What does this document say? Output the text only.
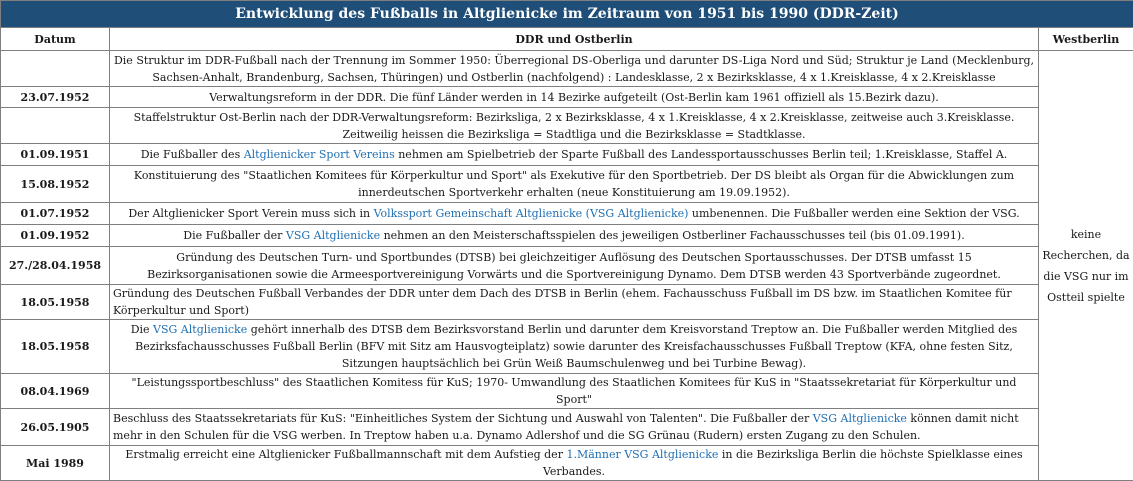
Entwicklung des Fußballs in Altglienicke im Zeitraum von 1951 bis 1990 (DDR-Zeit)		
Datum	DDR und Ostberlin	Westberlin
	Die Struktur im DDR-Fußball nach der Trennung im Sommer 1950: Überregional DS-Oberliga und darunter DS-Liga Nord und Süd; Struktur je Land (Mecklenburg, Sachsen-Anhalt, Brandenburg, Sachsen, Thüringen) und Ostberlin (nachfolgend) : Landesklasse, 2 x Bezirksklasse, 4 x 1.Kreisklasse, 4 x 2.Kreisklasse	keine Recherchen, da die VSG nur im Ostteil spielte
23.07.1952	Verwaltungsreform in der DDR. Die fünf Länder werden in 14 Bezirke aufgeteilt (Ost-Berlin kam 1961 offiziell als 15.Bezirk dazu).	
	Staffelstruktur Ost-Berlin nach der DDR-Verwaltungsreform: Bezirksliga, 2 x Bezirksklasse, 4 x 1.Kreisklasse, 4 x 2.Kreisklasse, zeitweise auch 3.Kreisklasse. Zeitweilig heissen die Bezirksliga = Stadtliga und die Bezirksklasse = Stadtklasse.	
01.09.1951	Die Fußballer des Altglienicker Sport Vereins nehmen am Spielbetrieb der Sparte Fußball des Landessportausschusses Berlin teil; 1.Kreisklasse, Staffel A.	
15.08.1952	Konstituierung des "Staatlichen Komitees für Körperkultur und Sport" als Exekutive für den Sportbetrieb. Der DS bleibt als Organ für die Abwicklungen zum innerdeutschen Sportverkehr erhalten (neue Konstituierung am 19.09.1952).	
01.07.1952	Der Altglienicker Sport Verein muss sich in Volkssport Gemeinschaft Altglienicke (VSG Altglienicke) umbenennen. Die Fußballer werden eine Sektion der VSG.	
01.09.1952	Die Fußballer der VSG Altglienicke nehmen an den Meisterschaftsspielen des jeweiligen Ostberliner Fachausschusses teil (bis 01.09.1991).	
27./28.04.1958	Gründung des Deutschen Turn- und Sportbundes (DTSB) bei gleichzeitiger Auflösung des Deutschen Sportausschusses. Der DTSB umfasst 15 Bezirksorganisationen sowie die Armeesportvereinigung Vorwärts und die Sportvereinigung Dynamo. Dem DTSB werden 43 Sportverbände zugeordnet.	
18.05.1958	Gründung des Deutschen Fußball Verbandes der DDR unter dem Dach des DTSB in Berlin (ehem. Fachausschuss Fußball im DS bzw. im Staatlichen Komitee für Körperkultur und Sport)	
18.05.1958	Die VSG Altglienicke gehört innerhalb des DTSB dem Bezirksvorstand Berlin und darunter dem Kreisvorstand Treptow an. Die Fußballer werden Mitglied des Bezirksfachausschusses Fußball Berlin (BFV mit Sitz am Hausvogteiplatz) sowie darunter des Kreisfachausschusses Fußball Treptow (KFA, ohne festen Sitz, Sitzungen hauptsächlich bei Grün Weiß Baumschulenweg und bei Turbine Bewag).	
08.04.1969	"Leistungssportbeschluss" des Staatlichen Komitess für KuS; 1970- Umwandlung des Staatlichen Komitees für KuS in "Staatssekretariat für Körperkultur und Sport"	
26.05.1905	Beschluss des Staatssekretariats für KuS: "Einheitliches System der Sichtung und Auswahl von Talenten". Die Fußballer der VSG Altglienicke können damit nicht mehr in den Schulen für die VSG werben. In Treptow haben u.a. Dynamo Adlershof und die SG Grünau (Rudern) ersten Zugang zu den Schulen.	
Mai 1989	Erstmalig erreicht eine Altglienicker Fußballmannschaft mit dem Aufstieg der 1.Männer VSG Altglienicke in die Bezirksliga Berlin die höchste Spielklasse eines Verbandes.	
